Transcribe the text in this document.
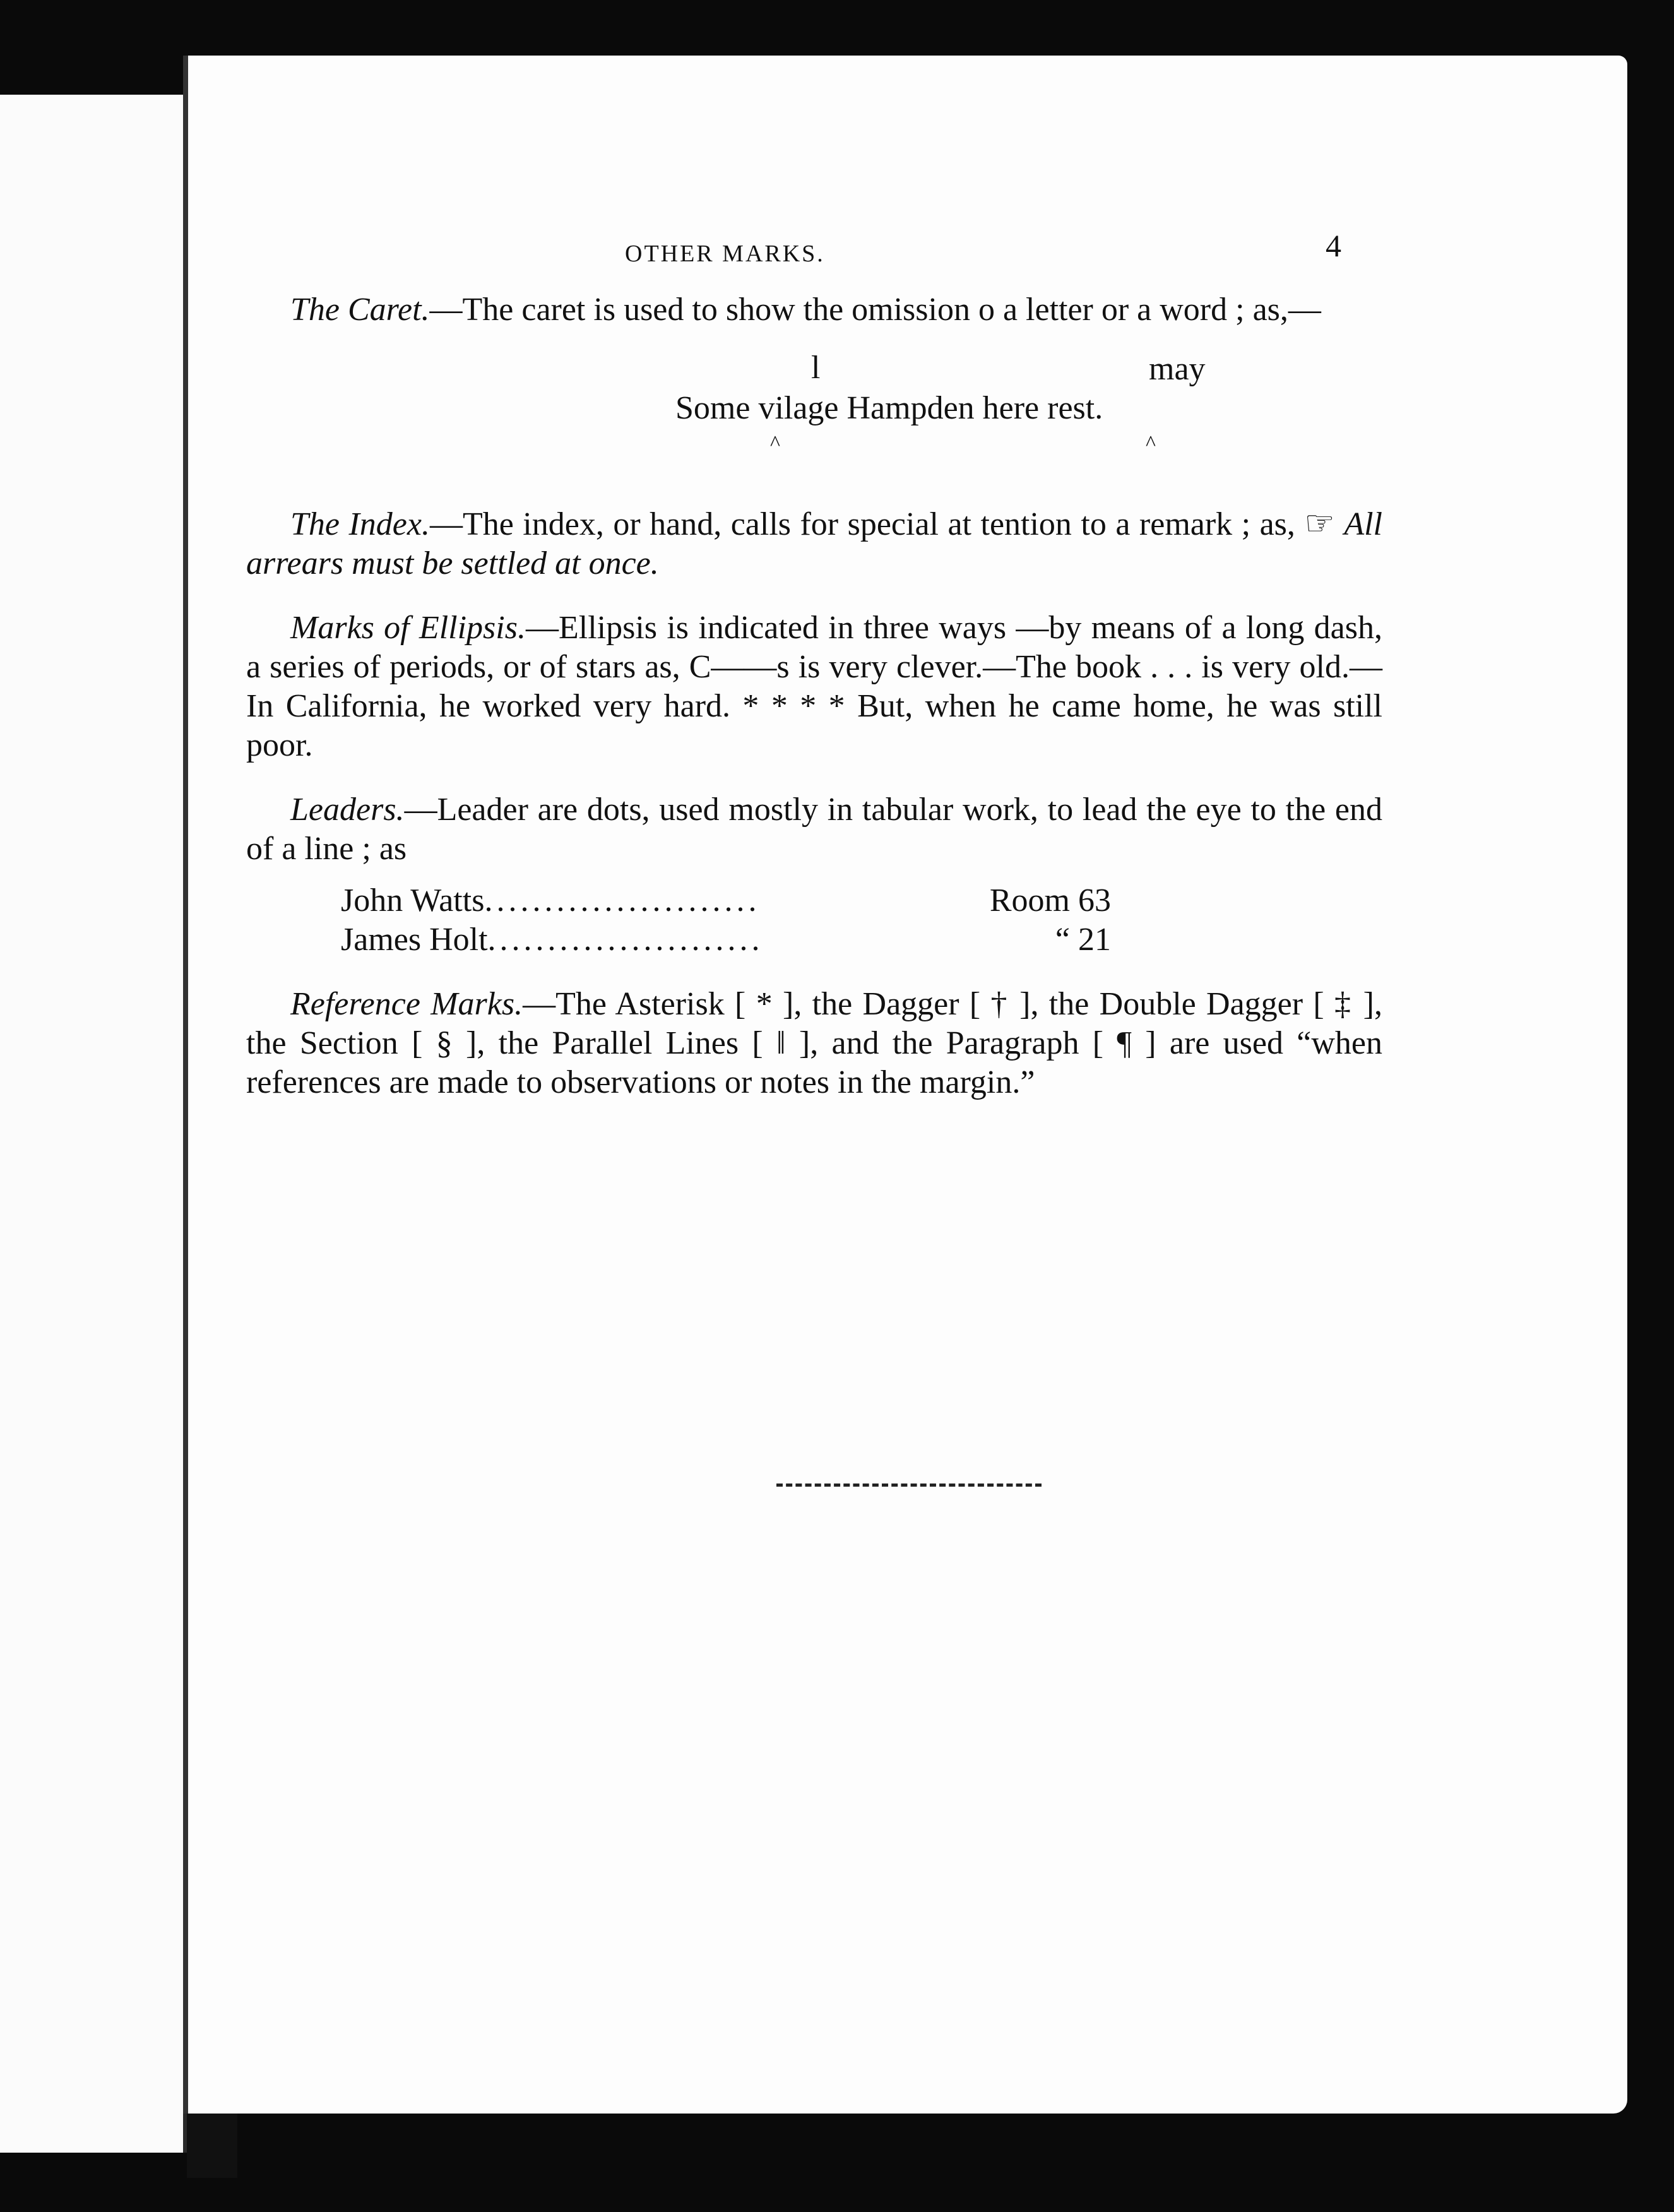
OTHER MARKS.	4

The Caret.—The caret is used to show the omission o a letter or a word ; as,—

l	may
Some vilage Hampden here rest.
^	^

The Index.—The index, or hand, calls for special at tention to a remark ; as, ☞ All arrears must be settled at once.

Marks of Ellipsis.—Ellipsis is indicated in three ways —by means of a long dash, a series of periods, or of stars as, C——s is very clever.—The book . . . is very old.—In California, he worked very hard. * * * * But, when he came home, he was still poor.

Leaders.—Leader are dots, used mostly in tabular work, to lead the eye to the end of a line ; as

John Watts .......................	Room 63
James Holt .......................	“ 21

Reference Marks.—The Asterisk [ * ], the Dagger [ † ], the Double Dagger [ ‡ ], the Section [ § ], the Parallel Lines [ ‖ ], and the Paragraph [ ¶ ] are used “when references are made to observations or notes in the margin.”
